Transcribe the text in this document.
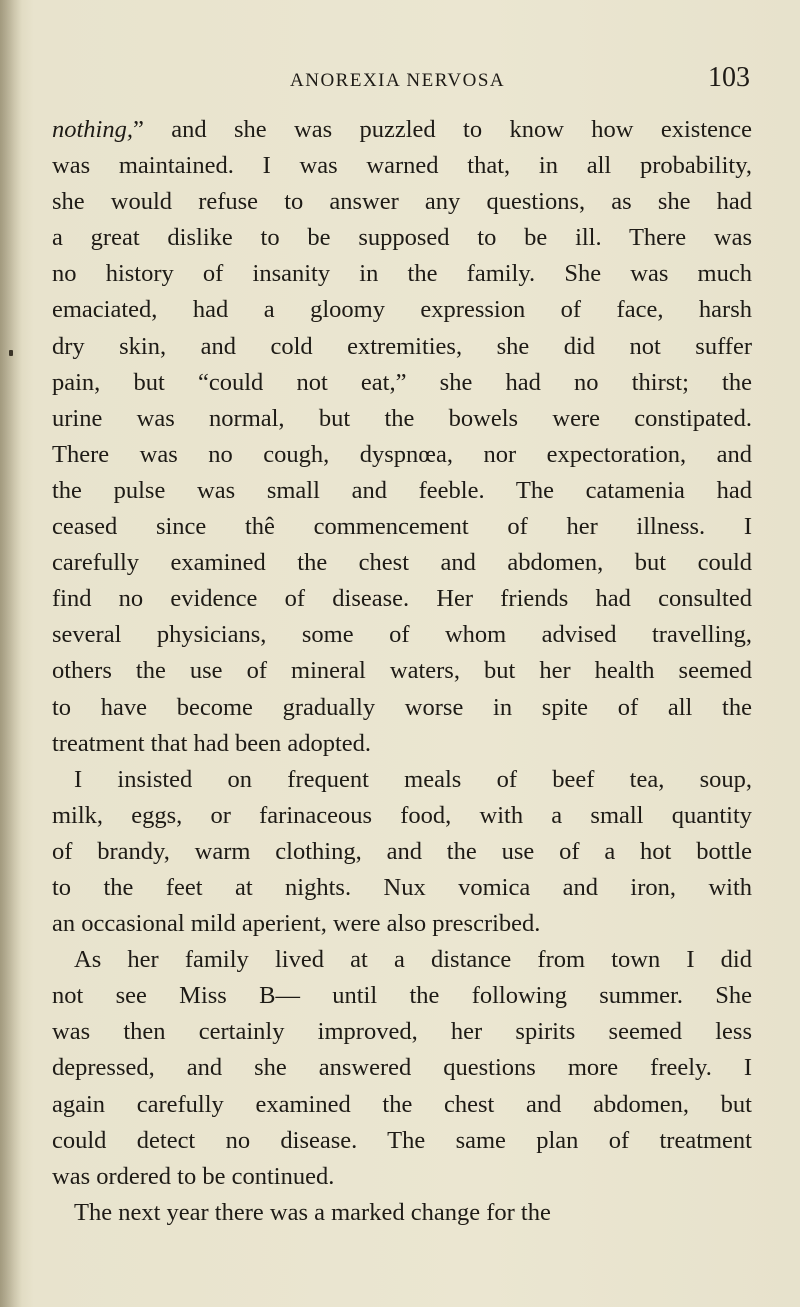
ANOREXIA NERVOSA	103
nothing,” and she was puzzled to know how existence
was maintained. I was warned that, in all probability,
she would refuse to answer any questions, as she had
a great dislike to be supposed to be ill. There was
no history of insanity in the family. She was much
emaciated, had a gloomy expression of face, harsh
dry skin, and cold extremities, she did not suffer
pain, but “could not eat,” she had no thirst; the
urine was normal, but the bowels were constipated.
There was no cough, dyspnœa, nor expectoration, and
the pulse was small and feeble. The catamenia had
ceased since thê commencement of her illness. I
carefully examined the chest and abdomen, but could
find no evidence of disease. Her friends had consulted
several physicians, some of whom advised travelling,
others the use of mineral waters, but her health seemed
to have become gradually worse in spite of all the
treatment that had been adopted.
I insisted on frequent meals of beef tea, soup,
milk, eggs, or farinaceous food, with a small quantity
of brandy, warm clothing, and the use of a hot bottle
to the feet at nights. Nux vomica and iron, with
an occasional mild aperient, were also prescribed.
As her family lived at a distance from town I did
not see Miss B— until the following summer. She
was then certainly improved, her spirits seemed less
depressed, and she answered questions more freely. I
again carefully examined the chest and abdomen, but
could detect no disease. The same plan of treatment
was ordered to be continued.
The next year there was a marked change for the
